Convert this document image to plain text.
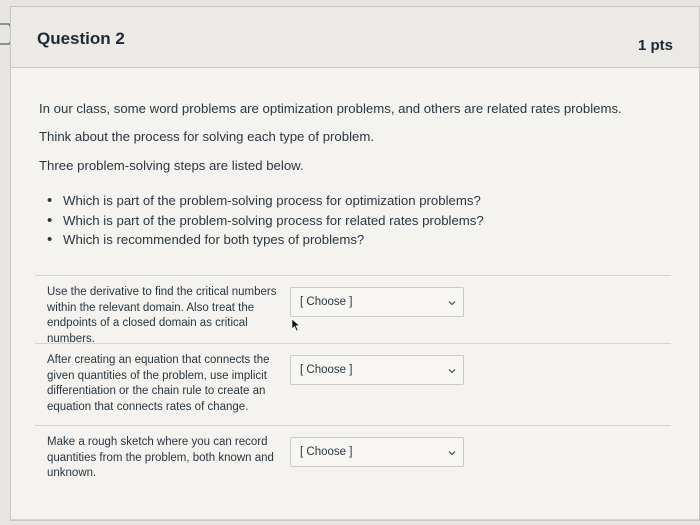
Question 2	1 pts
In our class, some word problems are optimization problems, and others are related rates problems.
Think about the process for solving each type of problem.
Three problem-solving steps are listed below.
• Which is part of the problem-solving process for optimization problems?
• Which is part of the problem-solving process for related rates problems?
• Which is recommended for both types of problems?
Use the derivative to find the critical numbers
within the relevant domain. Also treat the
endpoints of a closed domain as critical numbers.
[ Choose ]
After creating an equation that connects the
given quantities of the problem, use implicit
differentiation or the chain rule to create an
equation that connects rates of change.
[ Choose ]
Make a rough sketch where you can record
quantities from the problem, both known and
unknown.
[ Choose ]
